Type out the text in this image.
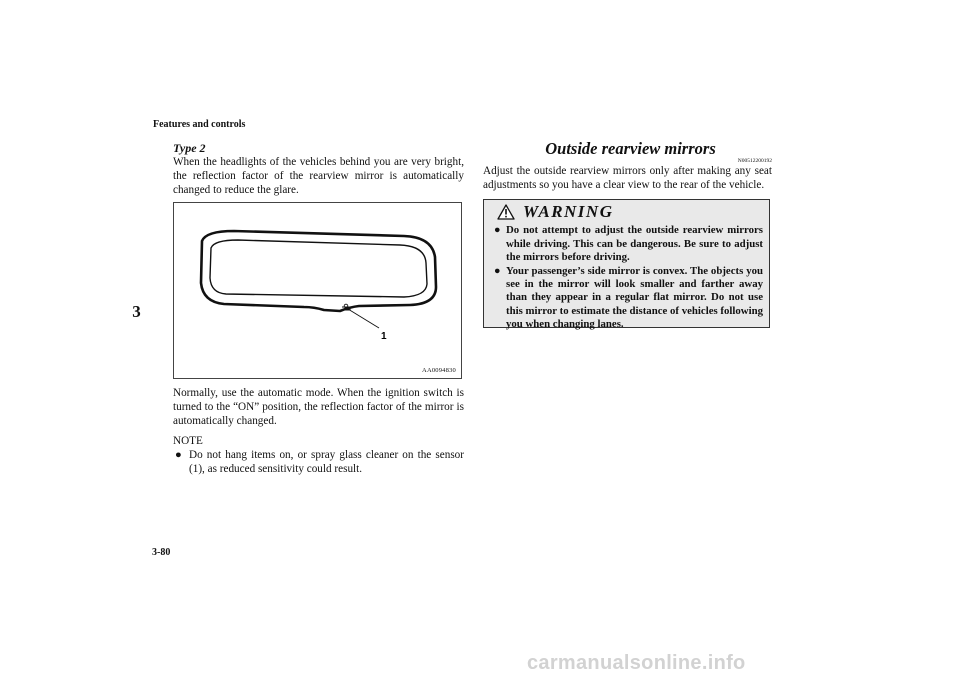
Features and controls
3
Type 2

When the headlights of the vehicles behind you are very bright, the reflection factor of the rearview mirror is automatically changed to reduce the glare.

1
AA0094830

Normally, use the automatic mode. When the ignition switch is turned to the “ON” position, the reflection factor of the mirror is automatically changed.

NOTE
● Do not hang items on, or spray glass cleaner on the sensor (1), as reduced sensitivity could result.
Outside rearview mirrors
N00512200192

Adjust the outside rearview mirrors only after making any seat adjustments so you have a clear view to the rear of the vehicle.

WARNING
● Do not attempt to adjust the outside rearview mirrors while driving. This can be dangerous. Be sure to adjust the mirrors before driving.
● Your passenger’s side mirror is convex. The objects you see in the mirror will look smaller and farther away than they appear in a regular flat mirror. Do not use this mirror to estimate the distance of vehicles following you when changing lanes.
3-80
carmanualsonline.info
